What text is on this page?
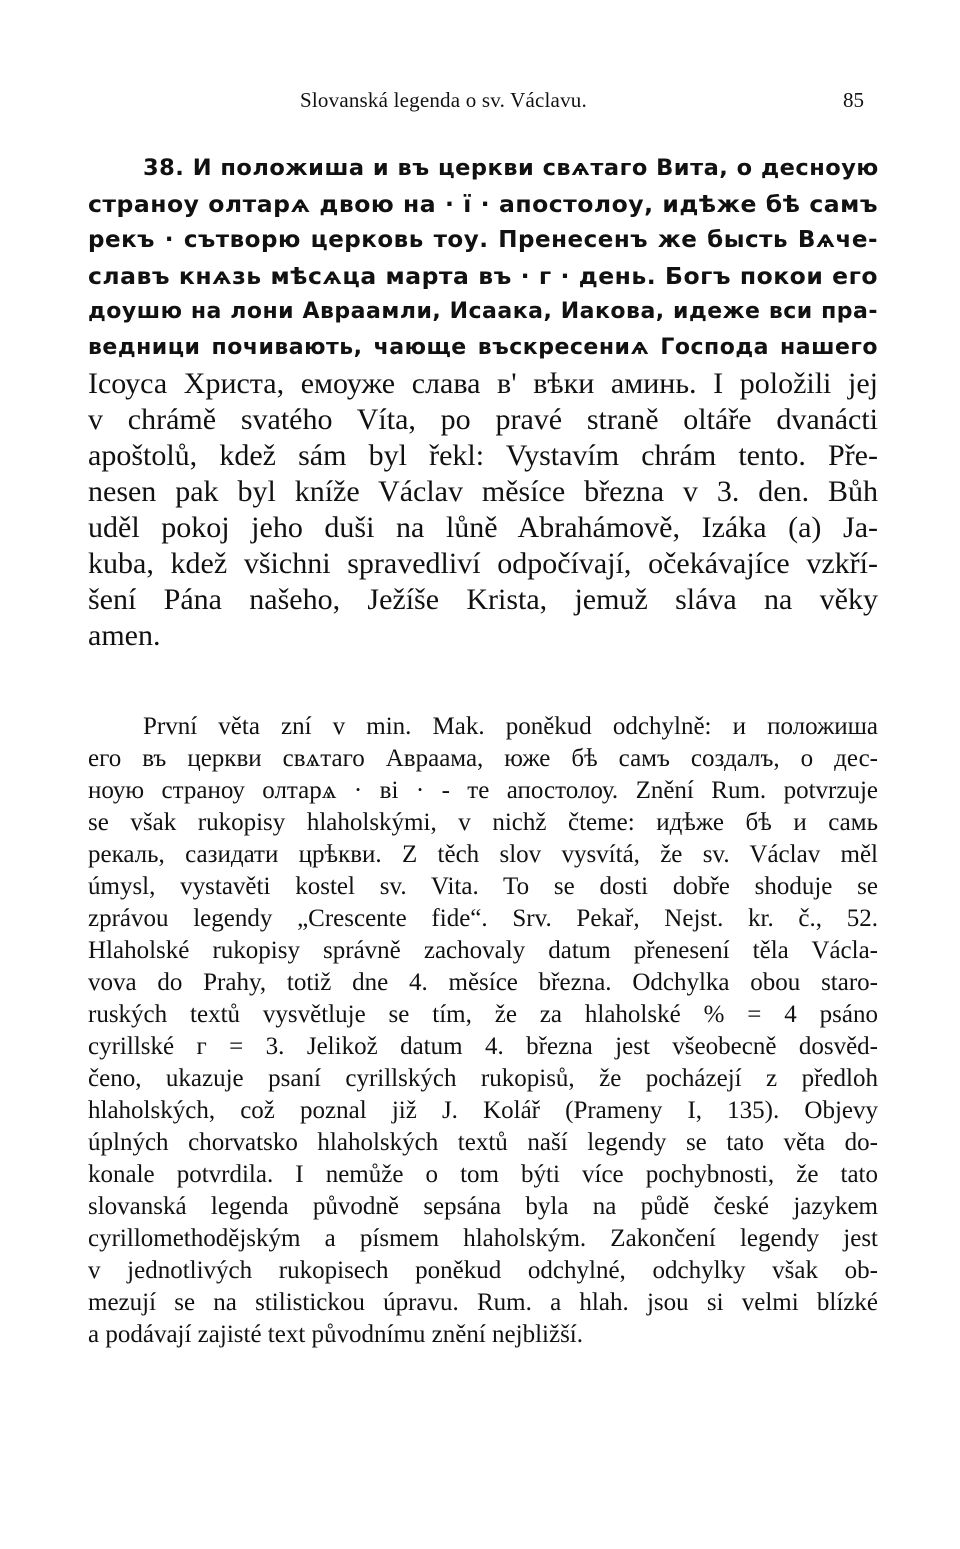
Slovanská legenda o sv. Václavu.	85
38. И положиша и въ церкви свѧтаго Вита, о десноую
страноу олтарѧ двою на · ї · апостолоу, идѣже бѣ самъ
рекъ · сътворю церковь тоу. Пренесенъ же бысть Вѧче-
славъ кнѧзь мѣсѧца марта въ · г · день. Богъ покои его
доушю на лони Авраамли, Исаака, Иакова, идеже вси пра-
ведници почивають, чающе въскресениѧ Господа нашего
Ісоуса Христа, емоуже слава в' вѣки аминь. I položili jej
v chrámě svatého Víta, po pravé straně oltáře dvanácti
apoštolů, kdež sám byl řekl: Vystavím chrám tento. Pře-
nesen pak byl kníže Václav měsíce března v 3. den. Bůh
uděl pokoj jeho duši na lůně Abrahámově, Izáka (a) Ja-
kuba, kdež všichni spravedliví odpočívají, očekávajíce vzkří-
šení Pána našeho, Ježíše Krista, jemuž sláva na věky
amen.
První věta zní v min. Mak. poněkud odchylně: и положиша
его въ церкви свѧтаго Авраама, юже бѣ самъ создалъ, о дес-
ноую страноу олтарѧ · ві · - те апостолоу. Znění Rum. potvrzuje
se však rukopisy hlaholskými, v nichž čteme: идѣже бѣ и самь
рекаль, сазидати црѣкви. Z těch slov vysvítá, že sv. Václav měl
úmysl, vystavěti kostel sv. Vita. To se dosti dobře shoduje se
zprávou legendy „Crescente fide“. Srv. Pekař, Nejst. kr. č., 52.
Hlaholské rukopisy správně zachovaly datum přenesení těla Václa-
vova do Prahy, totiž dne 4. měsíce března. Odchylka obou staro-
ruských textů vysvětluje se tím, že za hlaholské % = 4 psáno
cyrillské г = 3. Jelikož datum 4. března jest všeobecně dosvěd-
čeno, ukazuje psaní cyrillských rukopisů, že pocházejí z předloh
hlaholských, což poznal již J. Kolář (Prameny I, 135). Objevy
úplných chorvatsko hlaholských textů naší legendy se tato věta do-
konale potvrdila. I nemůže o tom býti více pochybnosti, že tato
slovanská legenda původně sepsána byla na půdě české jazykem
cyrillomethodějským a písmem hlaholským. Zakončení legendy jest
v jednotlivých rukopisech poněkud odchylné, odchylky však ob-
mezují se na stilistickou úpravu. Rum. a hlah. jsou si velmi blízké
a podávají zajisté text původnímu znění nejbližší.
